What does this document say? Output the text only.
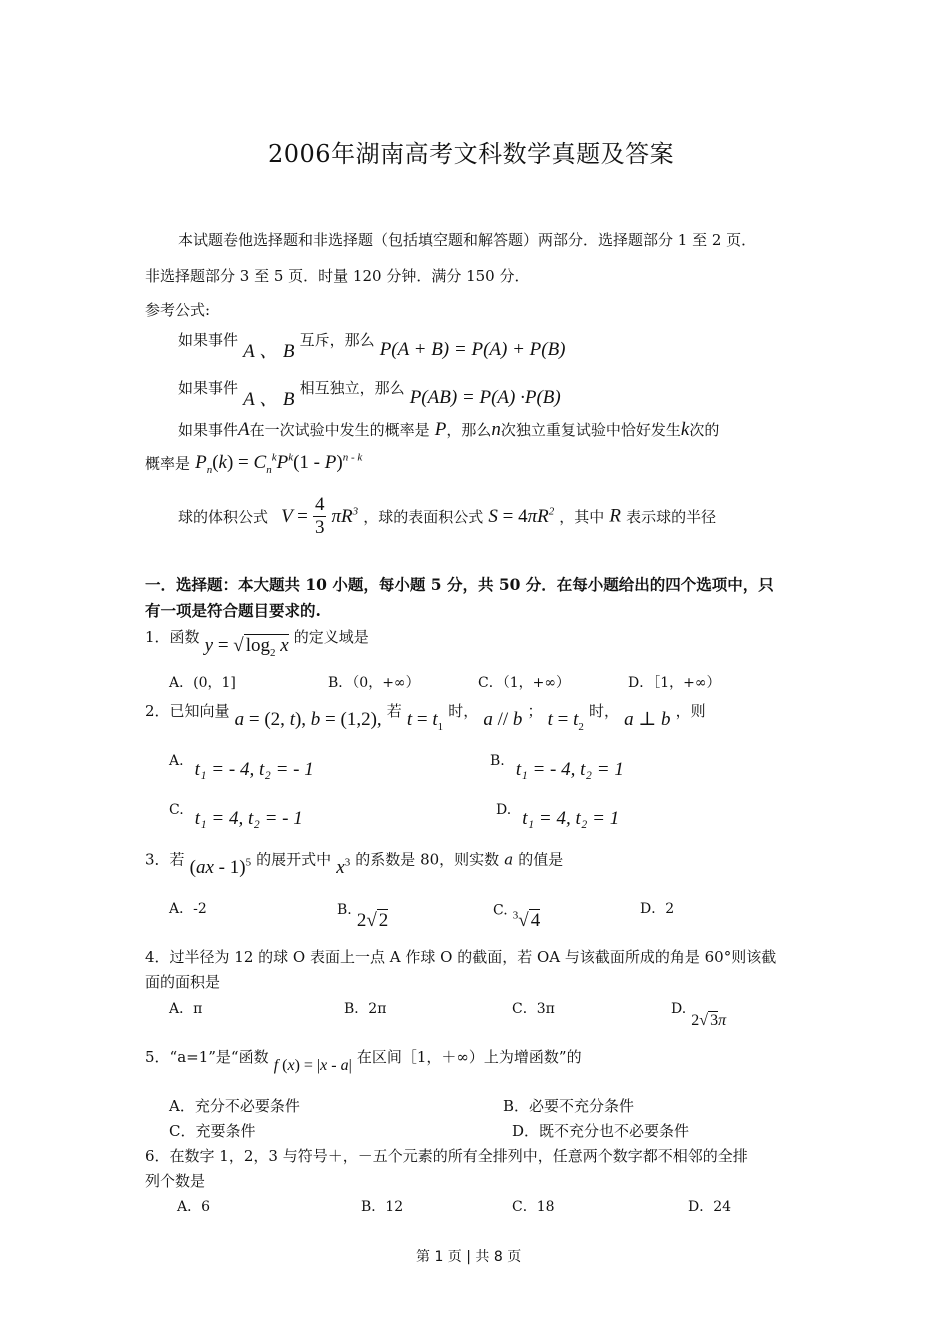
2006年湖南高考文科数学真题及答案
本试题卷他选择题和非选择题（包括填空题和解答题）两部分．选择题部分 1 至 2 页．
非选择题部分 3 至 5 页．时量 120 分钟．满分 150 分．
参考公式:
如果事件 A 、 B 互斥，那么 P(A + B) = P(A) + P(B)
如果事件 A 、 B 相互独立，那么 P(AB) = P(A) ·P(B)
如果事件A在一次试验中发生的概率是 P，那么n次独立重复试验中恰好发生k次的
概率是 $P_n(k) = C_n^kP^k(1 - P)^{n - k}$
球的体积公式 $V = \frac{4}{3} \pi R^3$ ，球的表面积公式 $S = 4\pi R^2$ ，其中 R 表示球的半径
一．选择题：本大题共 10 小题，每小题 5 分，共 50 分．在每小题给出的四个选项中，只
有一项是符合题目要求的.
1．函数 y = √ $\log_2 x$ 的定义域是
A．(0，1]	B．（0，+∞）	C．（1，+∞）	D．［1，+∞）
2．已知向量 a = (2, t), b = (1,2), 若 $t = t_1$ 时， a // b ； $t = t_2$ 时， a ⊥ b ，则
A. t₁ = - 4, t₂ = - 1	B. t₁ = - 4, t₂ = 1
C. t₁ = 4, t₂ = - 1	D. t₁ = 4, t₂ = 1
3．若 (ax - 1)$^5$ 的展开式中 $x^3$ 的系数是 80，则实数 a 的值是
A．-2	B. 2√ 2	C. $^3$√ 4
D．2
4．过半径为 12 的球 O 表面上一点 A 作球 O 的截面，若 OA 与该截面所成的角是 60°则该截
面的面积是
A．π	B．2π	C．3π	D. 2√ 3π
5．“a=1”是“函数 f (x) = |x - a| 在区间［1，＋∞）上为增函数”的
A．充分不必要条件	B．必要不充分条件
C．充要条件	D．既不充分也不必要条件
6．在数字 1，2，3 与符号＋，－五个元素的所有全排列中，任意两个数字都不相邻的全排
列个数是
A．6	B．12	C．18	D．24
第 1 页 | 共 8 页
